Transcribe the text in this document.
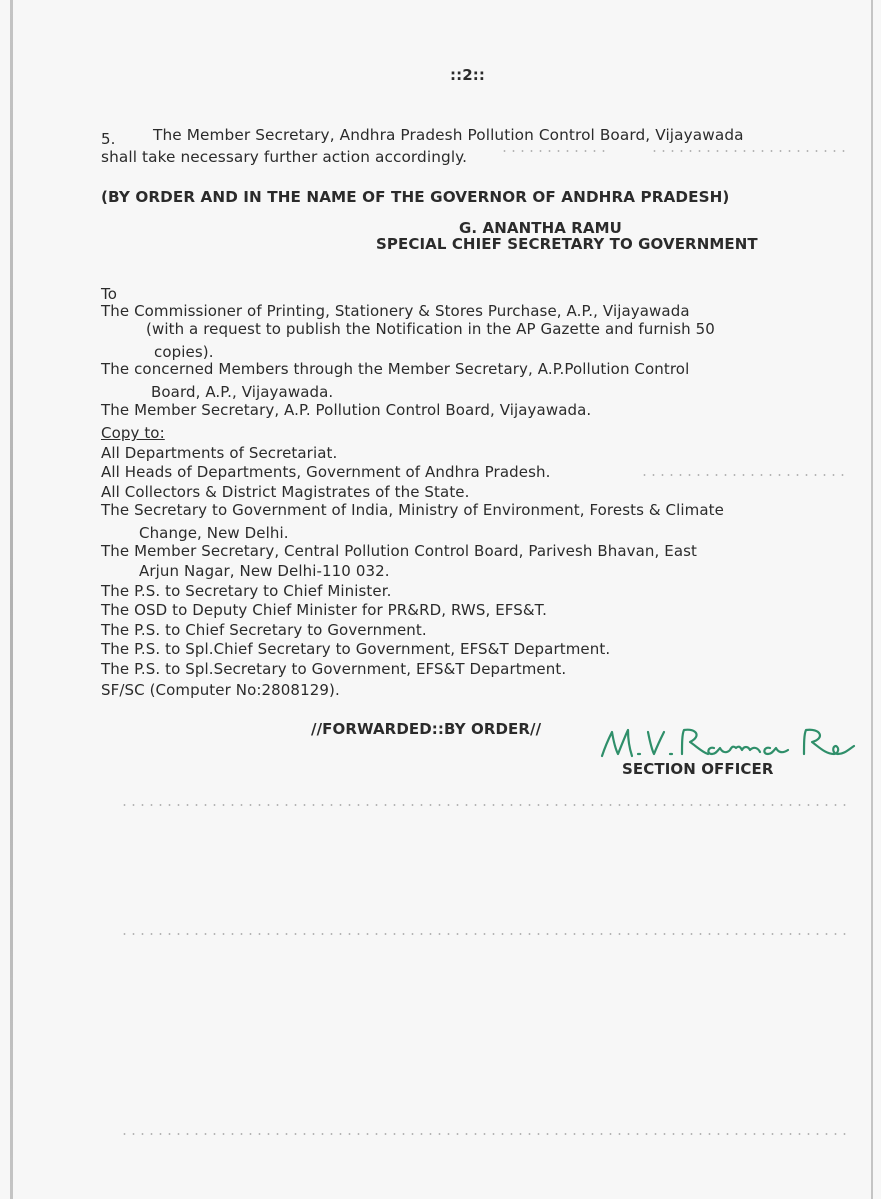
::2::
5. The Member Secretary, Andhra Pradesh Pollution Control Board, Vijayawada
shall take necessary further action accordingly.
(BY ORDER AND IN THE NAME OF THE GOVERNOR OF ANDHRA PRADESH)
G. ANANTHA RAMU
SPECIAL CHIEF SECRETARY TO GOVERNMENT
To
The Commissioner of Printing, Stationery & Stores Purchase, A.P., Vijayawada
(with a request to publish the Notification in the AP Gazette and furnish 50
copies).
The concerned Members through the Member Secretary, A.P.Pollution Control
Board, A.P., Vijayawada.
The Member Secretary, A.P. Pollution Control Board, Vijayawada.
Copy to:
All Departments of Secretariat.
All Heads of Departments, Government of Andhra Pradesh.
All Collectors & District Magistrates of the State.
The Secretary to Government of India, Ministry of Environment, Forests & Climate
Change, New Delhi.
The Member Secretary, Central Pollution Control Board, Parivesh Bhavan, East
Arjun Nagar, New Delhi-110 032.
The P.S. to Secretary to Chief Minister.
The OSD to Deputy Chief Minister for PR&RD, RWS, EFS&T.
The P.S. to Chief Secretary to Government.
The P.S. to Spl.Chief Secretary to Government, EFS&T Department.
The P.S. to Spl.Secretary to Government, EFS&T Department.
SF/SC (Computer No:2808129).
//FORWARDED::BY ORDER//
SECTION OFFICER
